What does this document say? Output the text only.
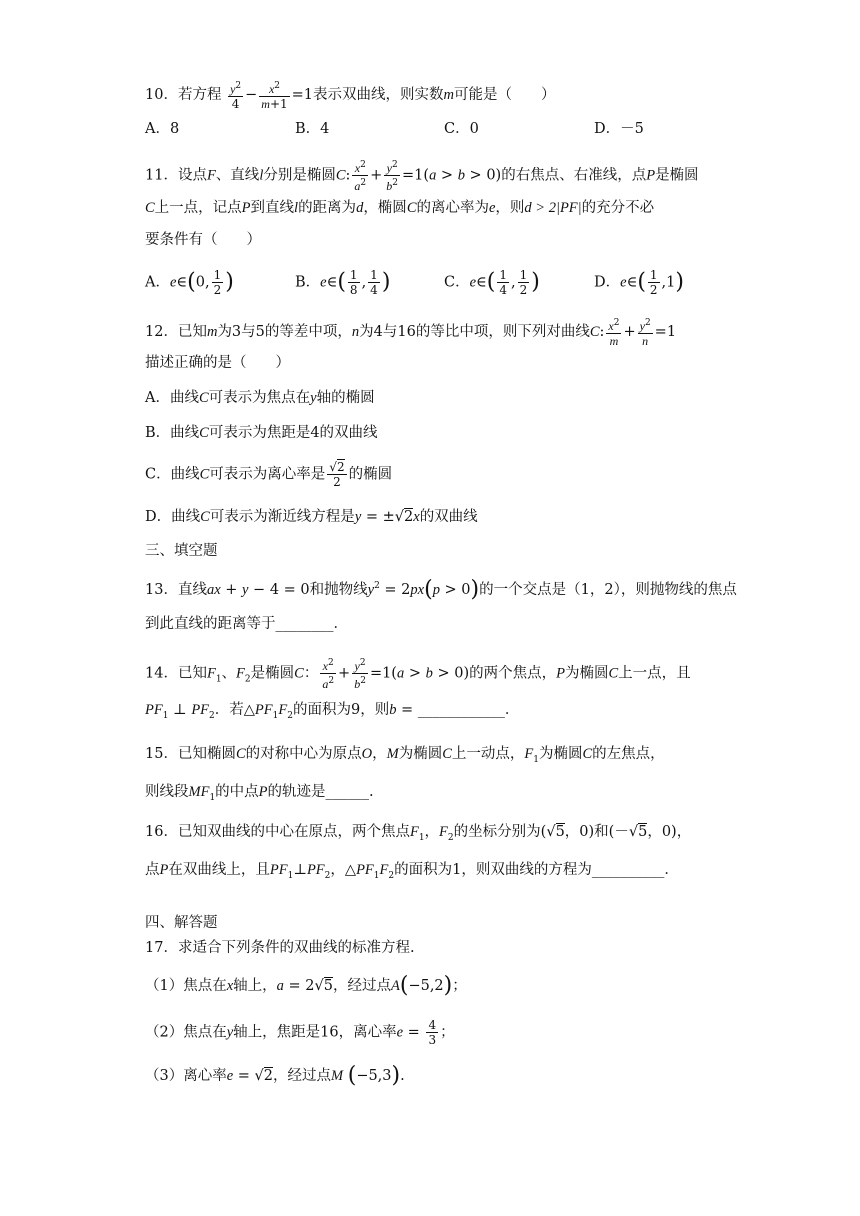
10．若方程 $\frac{y^2}{4} - \frac{x^2}{m+1} =1$表示双曲线，则实数m可能是（　　）
A．8	B．4	C．0	D．－5
11．设点F、直线l分别是椭圆C: $\frac{x^2}{a^2} + \frac{y^2}{b^2} =1(a > b > 0)$的右焦点、右准线，点P是椭圆
C上一点，记点P到直线l的距离为d，椭圆C的离心率为e，则d > 2|PF|的充分不必
要条件有（　　）
A．e∈(0, $\frac{1}{2}$ )	B．e∈( $\frac{1}{8}$ , $\frac{1}{4}$ )	C．e∈( $\frac{1}{4}$ , $\frac{1}{2}$ )	D．e∈( $\frac{1}{2} ,1$)
12．已知m为3与5的等差中项，n为4与16的等比中项，则下列对曲线C: $\frac{x^2}{m} + \frac{y^2}{n} =1$
描述正确的是（　　）
A．曲线C可表示为焦点在y轴的椭圆
B．曲线C可表示为焦距是4的双曲线
C．曲线C可表示为离心率是 $\frac{√2}{2}$ 的椭圆
D．曲线C可表示为渐近线方程是y = ±√2x的双曲线
三、填空题
13．直线ax + y − 4 = 0和抛物线$y^2 = 2px(p > 0)$的一个交点是（1，2），则抛物线的焦点
到此直线的距离等于________．
14．已知$F_1$、$F_2$是椭圆C： $\frac{x^2}{a^2} + \frac{y^2}{b^2} =1(a > b > 0)$的两个焦点，P为椭圆C上一点，且
$PF_1$ ⊥ $PF_2$．若$\triangle PF_1F_2$的面积为9，则b = ____________．
15．已知椭圆C的对称中心为原点O，M为椭圆C上一动点，$F_1$为椭圆C的左焦点，
则线段$MF_1$的中点P的轨迹是______.
16．已知双曲线的中心在原点，两个焦点$F_1$，$F_2$的坐标分别为(√5，0)和(－√5，0)，
点P在双曲线上，且$PF_1\perp PF_2$，$\triangle PF_1F_2$的面积为1，则双曲线的方程为__________．
四、解答题
17．求适合下列条件的双曲线的标准方程.
（1）焦点在x轴上，a = 2√5，经过点A(−5,2)；
（2）焦点在y轴上，焦距是16，离心率$e = \frac{4}{3}$ ；
（3）离心率e = √2，经过点M (−5,3).
